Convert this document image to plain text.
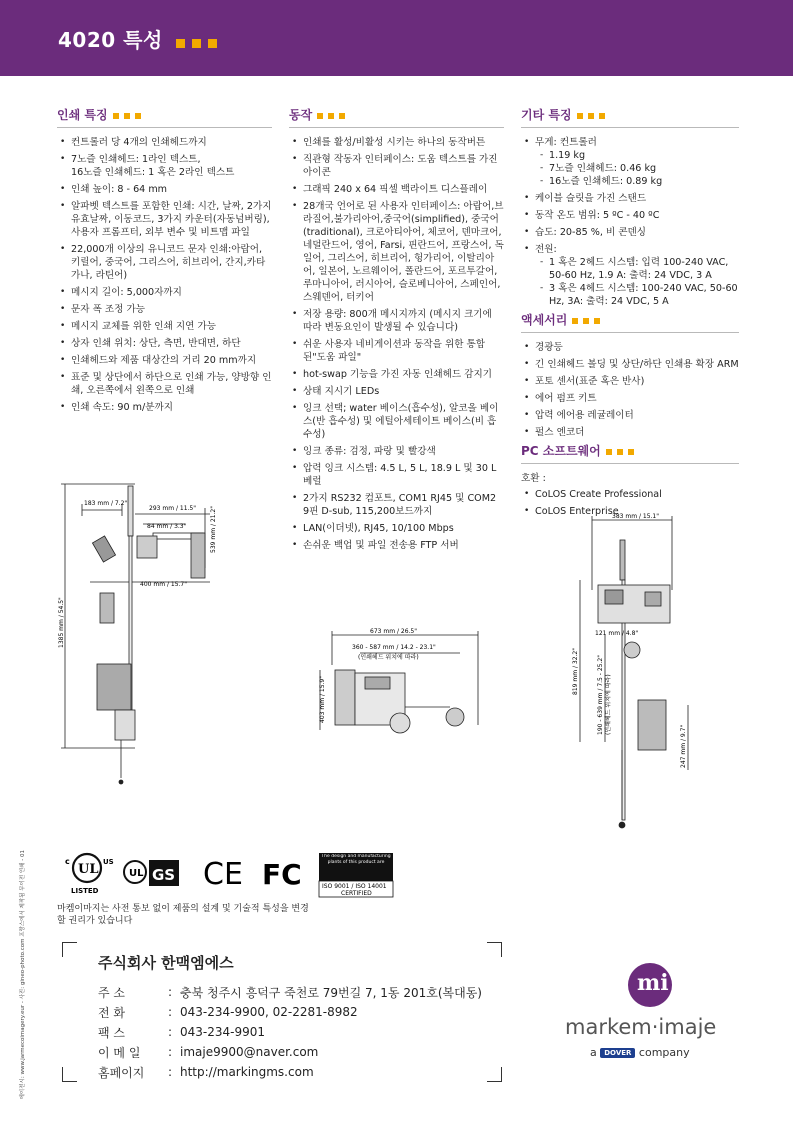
4020 특성
인쇄 특징
• 컨트롤러 당 4개의 인쇄헤드까지
• 7노즐 인쇄헤드: 1라인 텍스트,
16노즐 인쇄헤드: 1 혹은 2라인 텍스트
• 인쇄 높이: 8 - 64 mm
• 알파벳 텍스트를 포함한 인쇄: 시간, 날짜, 2가지 유효날짜, 이동코드, 3가지 카운터(자동넘버링), 사용자 프롬프터, 외부 변수 및 비트맵 파일
• 22,000개 이상의 유니코드 문자 인쇄:아랍어, 키릴어, 중국어, 그리스어, 히브리어, 간지,카타가나, 라틴어)
• 메시지 길이: 5,000자까지
• 문자 폭 조정 가능
• 메시지 교체를 위한 인쇄 지연 가능
• 상자 인쇄 위치: 상단, 측면, 반대면, 하단
• 인쇄헤드와 제품 대상간의 거리 20 mm까지
• 표준 및 상단에서 하단으로 인쇄 가능, 양방향 인쇄, 오른쪽에서 왼쪽으로 인쇄
• 인쇄 속도: 90 m/분까지
동작
• 인쇄를 활성/비활성 시키는 하나의 동작버튼
• 직관형 작동자 인터페이스: 도움 텍스트를 가진 아이콘
• 그래픽 240 x 64 픽셀 백라이트 디스플레이
• 28개국 언어로 된 사용자 인터페이스: 아랍어,브라질어,불가리아어,중국어(simplified), 중국어(traditional), 크로아티아어, 체코어, 덴마크어, 네덜란드어, 영어, Farsi, 핀란드어, 프랑스어, 독일어, 그리스어, 히브리어, 헝가리어, 이탈리아어, 일본어, 노르웨이어, 폴란드어, 포르투갈어, 루마니아어, 러시아어, 슬로베니아어, 스페인어, 스웨덴어, 터키어
• 저장 용량: 800개 메시지까지 (메시지 크기에 따라 변동요인이 발생될 수 있습니다)
• 쉬운 사용자 네비게이션과 동작을 위한 통합된"도움 파일"
• hot-swap 기능을 가진 자동 인쇄헤드 감지기
• 상태 지시기 LEDs
• 잉크 선택; water 베이스(흡수성), 알코올 베이스(반 흡수성) 및 에틸아세테이트 베이스(비 흡수성)
• 잉크 종류: 검정, 파랑 및 빨강색
• 압력 잉크 시스템: 4.5 L, 5 L, 18.9 L 및 30 L 베럴
• 2가지 RS232 컴포트, COM1 RJ45 및 COM2 9핀 D-sub, 115,200보드까지
• LAN(이더넷), RJ45, 10/100 Mbps
• 손쉬운 백업 및 파일 전송용 FTP 서버
기타 특징
• 무게: 컨트롤러
- 1.19 kg
- 7노즐 인쇄헤드: 0.46 kg
- 16노즐 인쇄헤드: 0.89 kg
• 케이블 슬릿을 가진 스탠드
• 동작 온도 범위: 5 ºC - 40 ºC
• 습도: 20-85 %, 비 콘덴싱
• 전원:
- 1 혹은 2헤드 시스템: 입력 100-240 VAC, 50-60 Hz, 1.9 A: 출력: 24 VDC, 3 A
- 3 혹은 4헤드 시스템: 100-240 VAC, 50-60 Hz, 3A: 출력: 24 VDC, 5 A
액세서리
• 경광등
• 긴 인쇄헤드 볼딩 및 상단/하단 인쇄용 확장 ARM
• 포토 센서(표준 혹은 반사)
• 에어 펌프 키트
• 압력 에어용 레귤레이터
• 펄스 엔코더
PC 소프트웨어
호환 :
• CoLOS Create Professional
• CoLOS Enterprise
183 mm / 7.2"
293 mm / 11.5"
84 mm / 3.3"	539 mm / 21.2"
400 mm / 15.7"
1385 mm / 54.5"	673 mm / 26.5"
360 - 587 mm / 14.2 - 23.1"
(인쇄헤드 위치에 따라)
403 mm / 15.9"
383 mm / 15.1"
121 mm / 4.8"
819 mm / 32.2"	190 - 639 mm / 7.5 - 25.2" (인쇄헤드 위치에 따라)
247 mm / 9.7"
에이전시: www.jarmecoimagery.eur - 사진: gineo-photo.com 프랑스에서 제작됨 무이전 인쇄 - 01	UL
c	US
LISTED
UL GS CE FC
The design and manufacturing plants of this product are
ISO 9001 / ISO 14001
CERTIFIED
마켐이마지는 사전 통보 없이 제품의 설계 및 기술적 특성을 변경할 권리가 있습니다
주식회사 한맥엠에스
주 소	:	충북 청주시 흥덕구 죽천로 79번길 7, 1동 201호(복대동)
전 화	:	043-234-9900, 02-2281-8982
팩 스	:	043-234-9901
이 메 일	:	imaje9900@naver.com
홈페이지	:	http://markingms.com
mi
markem·imaje
a DOVER company
